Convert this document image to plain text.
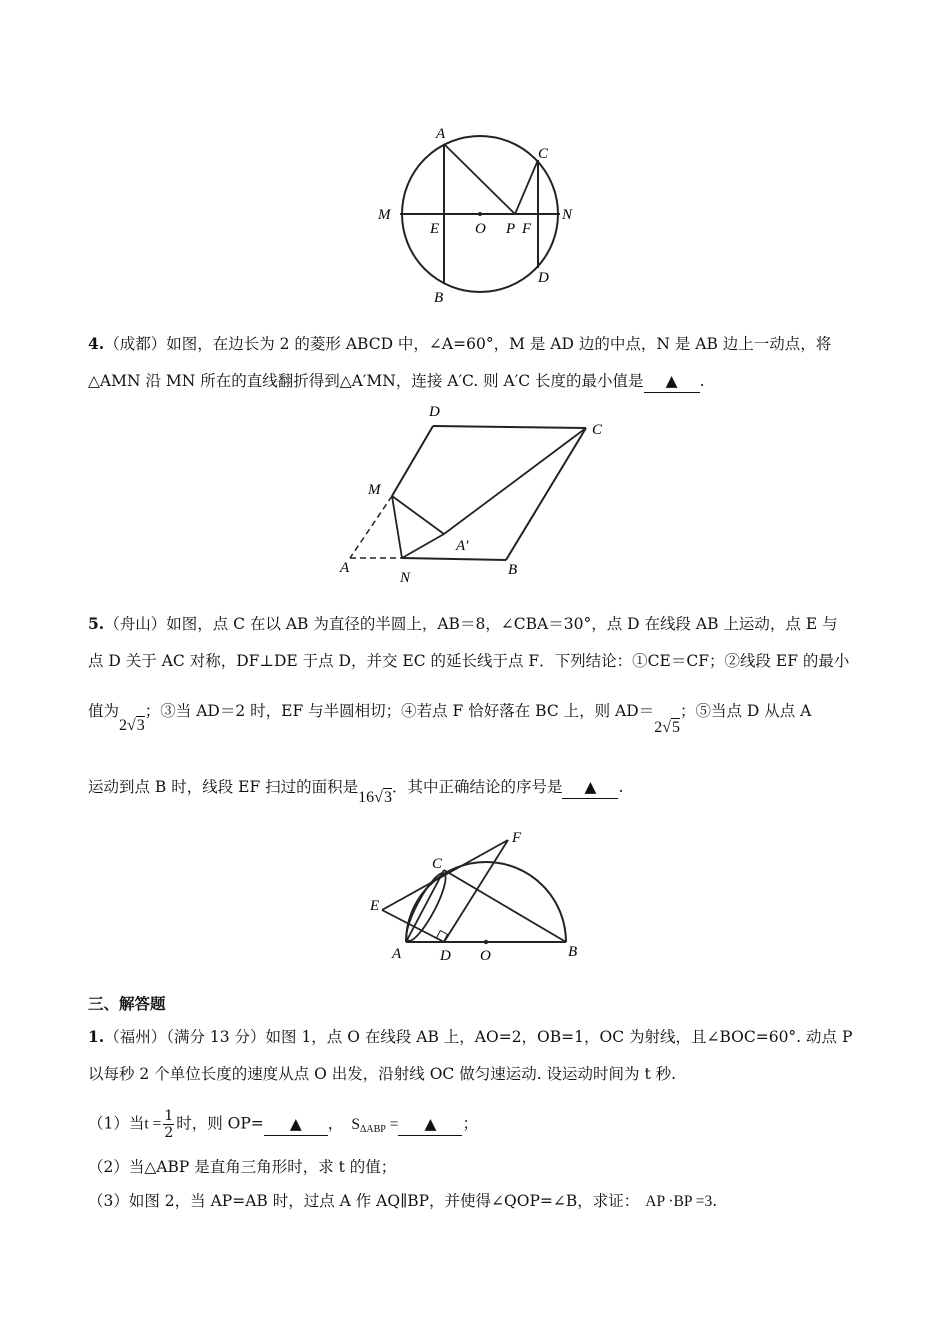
A
C
M
E O P F
N
D
B
4.（成都）如图，在边长为 2 的菱形 ABCD 中，∠A=60°，M 是 AD 边的中点，N 是 AB 边上一动点，将
△AMN 沿 MN 所在的直线翻折得到△A′MN，连接 A′C. 则 A′C 长度的最小值是 ▲ .
D
C
M
A′
A
N	B
5.（舟山）如图，点 C 在以 AB 为直径的半圆上，AB＝8，∠CBA＝30°，点 D 在线段 AB 上运动，点 E 与
点 D 关于 AC 对称，DF⊥DE 于点 D，并交 EC 的延长线于点 F．下列结论：①CE＝CF；②线段 EF 的最小
值为2√3；③当 AD＝2 时，EF 与半圆相切；④若点 F 恰好落在 BC 上，则 AD＝2√5；⑤当点 D 从点 A
运动到点 B 时，线段 EF 扫过的面积是16√3．其中正确结论的序号是 ▲ .
F
C
E
A	D O	B
三、解答题
1.（福州）（满分 13 分）如图 1，点 O 在线段 AB 上，AO=2，OB=1，OC 为射线，且∠BOC=60°. 动点 P
以每秒 2 个单位长度的速度从点 O 出发，沿射线 OC 做匀速运动. 设运动时间为 t 秒.
（1）当$t = \frac{1}{2}$ 时，则 OP= ▲ ， $S_{\Delta ABP}$ = ▲ ；
（2）当△ABP 是直角三角形时，求 t 的值；
（3）如图 2，当 AP=AB 时，过点 A 作 AQ∥BP，并使得∠QOP=∠B，求证： AP ·BP =3.
